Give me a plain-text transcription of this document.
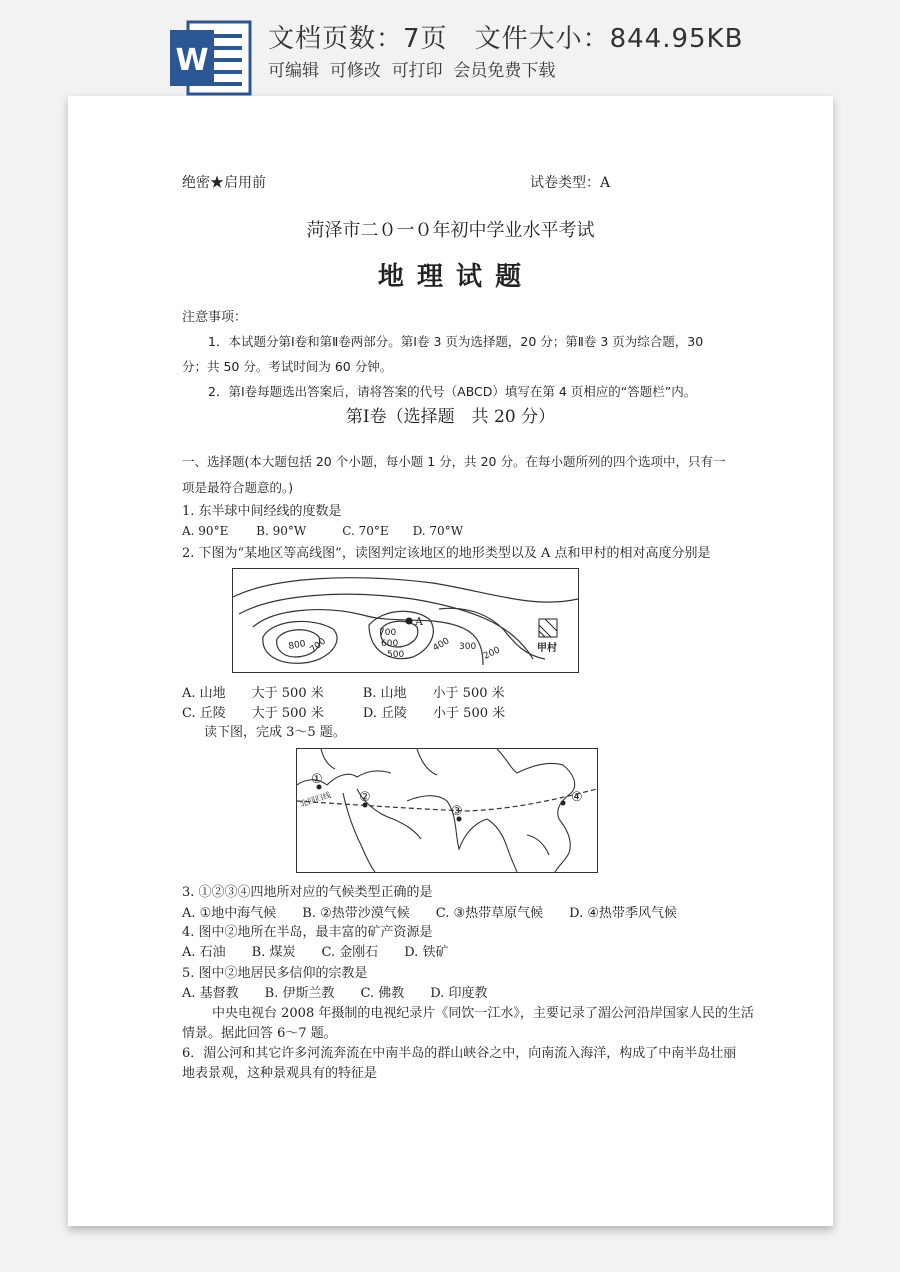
W
文档页数：7页　 文件大小：844.95KB
可编辑  可修改  可打印  会员免费下载
绝密★启用前	试卷类型：A
菏泽市二０一０年初中学业水平考试
地 理 试 题
注意事项：
1．本试题分第Ⅰ卷和第Ⅱ卷两部分。第Ⅰ卷 3 页为选择题，20 分；第Ⅱ卷 3 页为综合题，30
分；共 50 分。考试时间为 60 分钟。
2．第Ⅰ卷每题选出答案后，请将答案的代号（ABCD）填写在第 4 页相应的“答题栏”内。
第Ⅰ卷（选择题　共 20 分）
一、选择题(本大题包括 20 个小题，每小题 1 分，共 20 分。在每小题所列的四个选项中，只有一
项是最符合题意的。)
1. 东半球中间经线的度数是
A. 90°E　　 B. 90°W　　　C. 70°E　　D. 70°W
2. 下图为“某地区等高线图”，读图判定该地区的地形类型以及 A 点和甲村的相对高度分别是
A
800 700
700
600
500
400 300 200	甲村
A. 山地　　大于 500 米　　　B. 山地　　小于 500 米
C. 丘陵　　大于 500 米　　　D. 丘陵　　小于 500 米
读下图，完成 3～5 题。
北回归线
①
②
③
④
3. ①②③④四地所对应的气候类型正确的是
A. ①地中海气候　　B. ②热带沙漠气候　　C. ③热带草原气候　　D. ④热带季风气候
4. 图中②地所在半岛，最丰富的矿产资源是
A. 石油　　B. 煤炭　　C. 金刚石　　D. 铁矿
5. 图中②地居民多信仰的宗教是
A. 基督教　　B. 伊斯兰教　　C. 佛教　　D. 印度教
中央电视台 2008 年摄制的电视纪录片《同饮一江水》，主要记录了湄公河沿岸国家人民的生活
情景。据此回答 6～7 题。
6．湄公河和其它许多河流奔流在中南半岛的群山峡谷之中，向南流入海洋，构成了中南半岛壮丽
地表景观，这种景观具有的特征是
